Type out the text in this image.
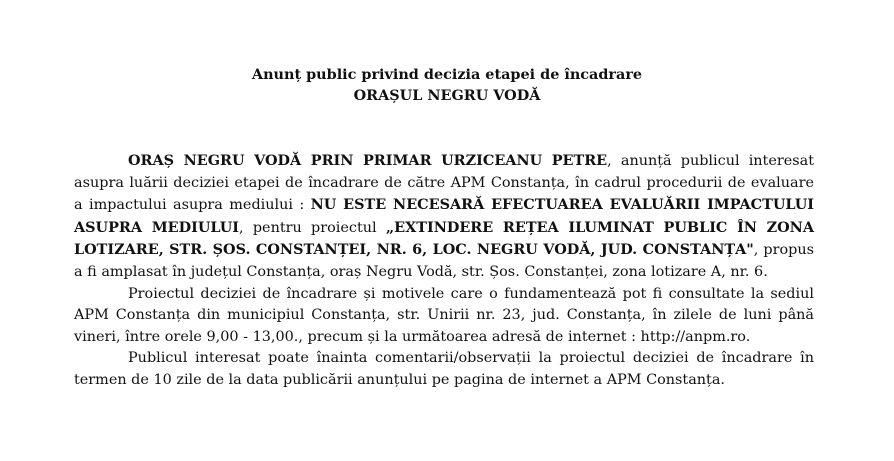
Anunț public privind decizia etapei de încadrare
ORAȘUL NEGRU VODĂ

ORAȘ NEGRU VODĂ PRIN PRIMAR URZICEANU PETRE, anunță publicul interesat asupra luării deciziei etapei de încadrare de către APM Constanța, în cadrul procedurii de evaluare a impactului asupra mediului : NU ESTE NECESARĂ EFECTUAREA EVALUĂRII IMPACTULUI ASUPRA MEDIULUI, pentru proiectul „EXTINDERE REȚEA ILUMINAT PUBLIC ÎN ZONA LOTIZARE, STR. ȘOS. CONSTANȚEI, NR. 6, LOC. NEGRU VODĂ, JUD. CONSTANȚA", propus a fi amplasat în județul Constanța, oraș Negru Vodă, str. Șos. Constanței, zona lotizare A, nr. 6.

Proiectul deciziei de încadrare și motivele care o fundamentează pot fi consultate la sediul APM Constanța din municipiul Constanța, str. Unirii nr. 23, jud. Constanța, în zilele de luni până vineri, între orele 9,00 - 13,00., precum și la următoarea adresă de internet : http://anpm.ro.

Publicul interesat poate înainta comentarii/observații la proiectul deciziei de încadrare în termen de 10 zile de la data publicării anunțului pe pagina de internet a APM Constanța.
